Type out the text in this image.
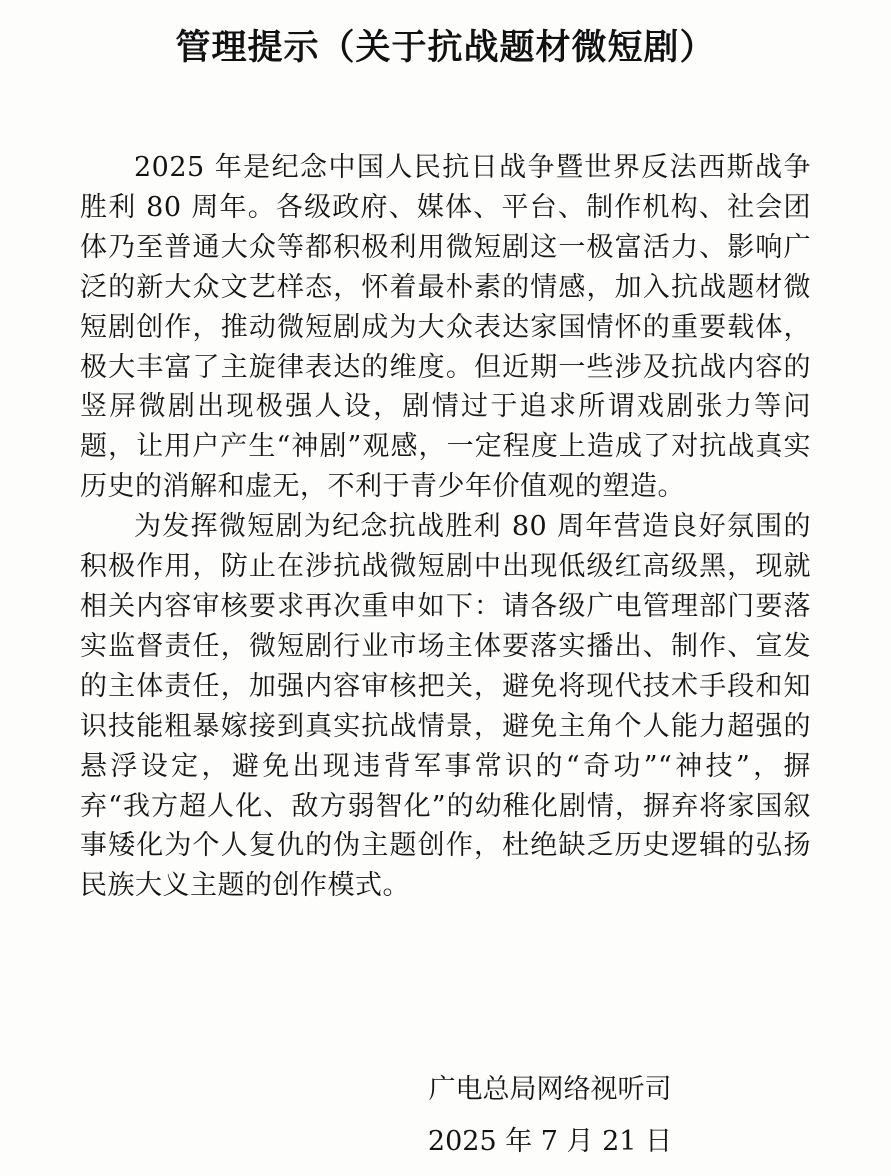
管理提示（关于抗战题材微短剧）

2025 年是纪念中国人民抗日战争暨世界反法西斯战争胜利 80 周年。各级政府、媒体、平台、制作机构、社会团体乃至普通大众等都积极利用微短剧这一极富活力、影响广泛的新大众文艺样态，怀着最朴素的情感，加入抗战题材微短剧创作，推动微短剧成为大众表达家国情怀的重要载体，极大丰富了主旋律表达的维度。但近期一些涉及抗战内容的竖屏微剧出现极强人设，剧情过于追求所谓戏剧张力等问题，让用户产生“神剧”观感，一定程度上造成了对抗战真实历史的消解和虚无，不利于青少年价值观的塑造。

为发挥微短剧为纪念抗战胜利 80 周年营造良好氛围的积极作用，防止在涉抗战微短剧中出现低级红高级黑，现就相关内容审核要求再次重申如下：请各级广电管理部门要落实监督责任，微短剧行业市场主体要落实播出、制作、宣发的主体责任，加强内容审核把关，避免将现代技术手段和知识技能粗暴嫁接到真实抗战情景，避免主角个人能力超强的悬浮设定，避免出现违背军事常识的“奇功”“神技”，摒弃“我方超人化、敌方弱智化”的幼稚化剧情，摒弃将家国叙事矮化为个人复仇的伪主题创作，杜绝缺乏历史逻辑的弘扬民族大义主题的创作模式。

广电总局网络视听司
2025 年 7 月 21 日
